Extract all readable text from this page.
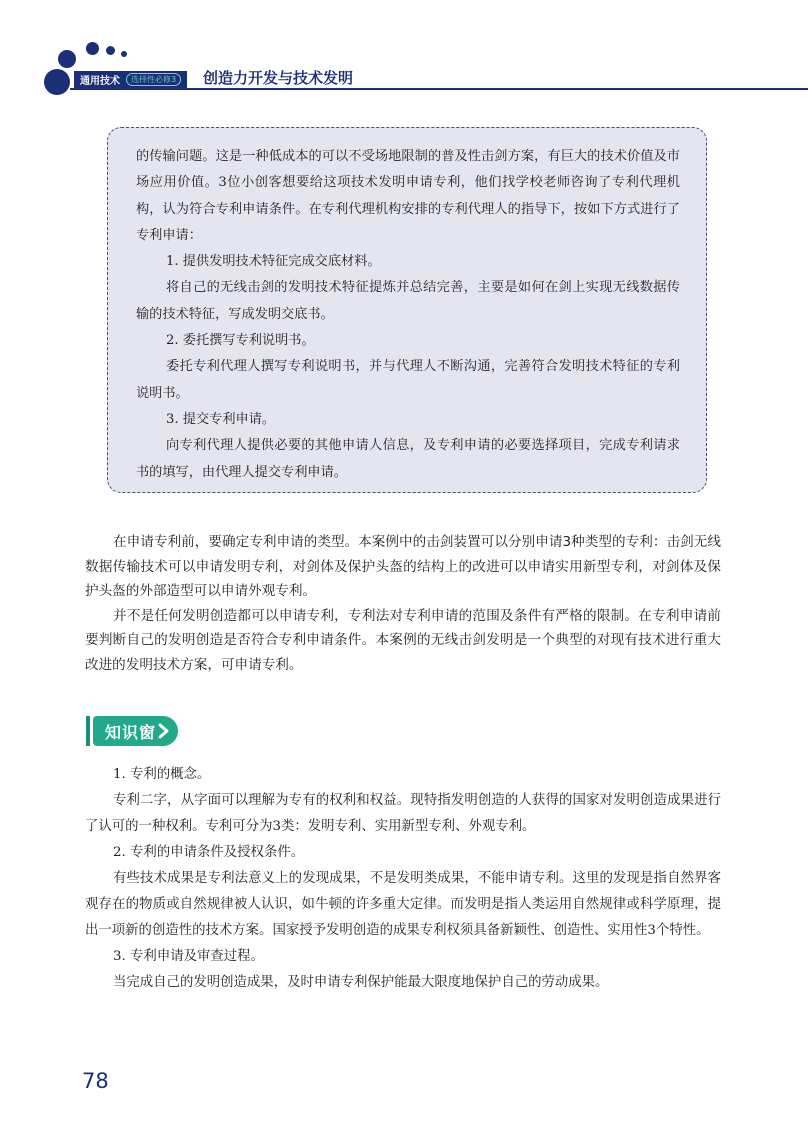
通用技术	选择性必修3	创造力开发与技术发明

的传输问题。这是一种低成本的可以不受场地限制的普及性击剑方案，有巨大的技术价值及市场应用价值。3位小创客想要给这项技术发明申请专利，他们找学校老师咨询了专利代理机构，认为符合专利申请条件。在专利代理机构安排的专利代理人的指导下，按如下方式进行了专利申请：

1. 提供发明技术特征完成交底材料。

将自己的无线击剑的发明技术特征提炼并总结完善，主要是如何在剑上实现无线数据传输的技术特征，写成发明交底书。

2. 委托撰写专利说明书。

委托专利代理人撰写专利说明书，并与代理人不断沟通，完善符合发明技术特征的专利说明书。

3. 提交专利申请。

向专利代理人提供必要的其他申请人信息，及专利申请的必要选择项目，完成专利请求书的填写，由代理人提交专利申请。

在申请专利前，要确定专利申请的类型。本案例中的击剑装置可以分别申请3种类型的专利：击剑无线数据传输技术可以申请发明专利，对剑体及保护头盔的结构上的改进可以申请实用新型专利，对剑体及保护头盔的外部造型可以申请外观专利。

并不是任何发明创造都可以申请专利，专利法对专利申请的范围及条件有严格的限制。在专利申请前要判断自己的发明创造是否符合专利申请条件。本案例的无线击剑发明是一个典型的对现有技术进行重大改进的发明技术方案，可申请专利。

知识窗

1. 专利的概念。

专利二字，从字面可以理解为专有的权利和权益。现特指发明创造的人获得的国家对发明创造成果进行了认可的一种权利。专利可分为3类：发明专利、实用新型专利、外观专利。

2. 专利的申请条件及授权条件。

有些技术成果是专利法意义上的发现成果，不是发明类成果，不能申请专利。这里的发现是指自然界客观存在的物质或自然规律被人认识，如牛顿的许多重大定律。而发明是指人类运用自然规律或科学原理，提出一项新的创造性的技术方案。国家授予发明创造的成果专利权须具备新颖性、创造性、实用性3个特性。

3. 专利申请及审查过程。

当完成自己的发明创造成果，及时申请专利保护能最大限度地保护自己的劳动成果。

78
